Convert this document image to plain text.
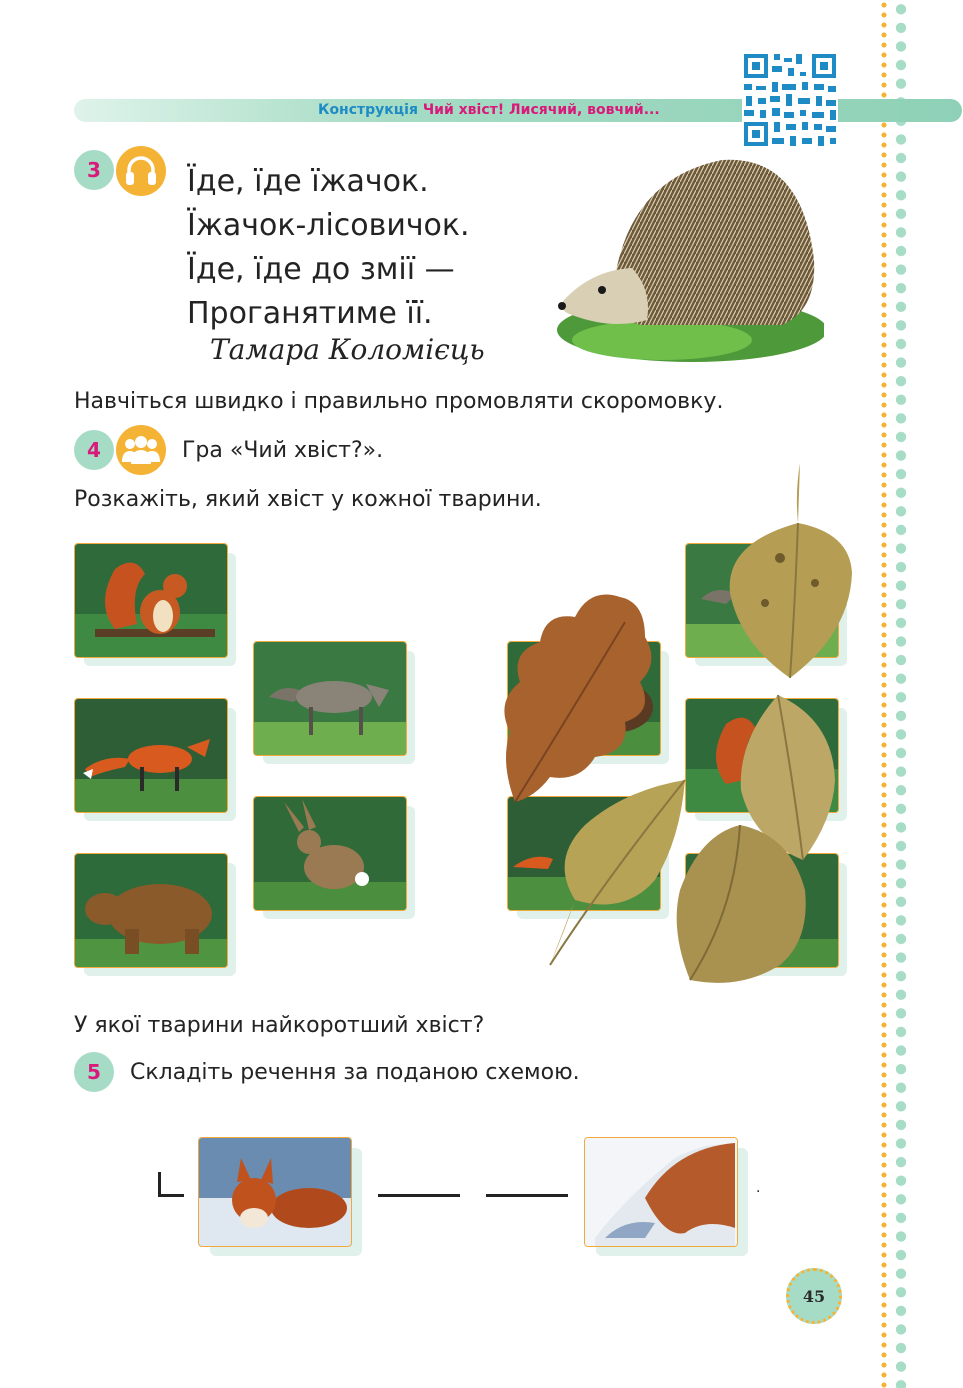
Конструкція Чий хвіст! Лисячий, вовчий...
3	Їде, їде їжачок.
Їжачок-лісовичок.
Їде, їде до змії —
Проганятиме її.
Тамара Коломієць
Навчіться швидко і правильно промовляти скоромовку.
4	Гра «Чий хвіст?».
Розкажіть, який хвіст у кожної тварини.
У якої тварини найкоротший хвіст?
5	Складіть речення за поданою схемою.
.
45
